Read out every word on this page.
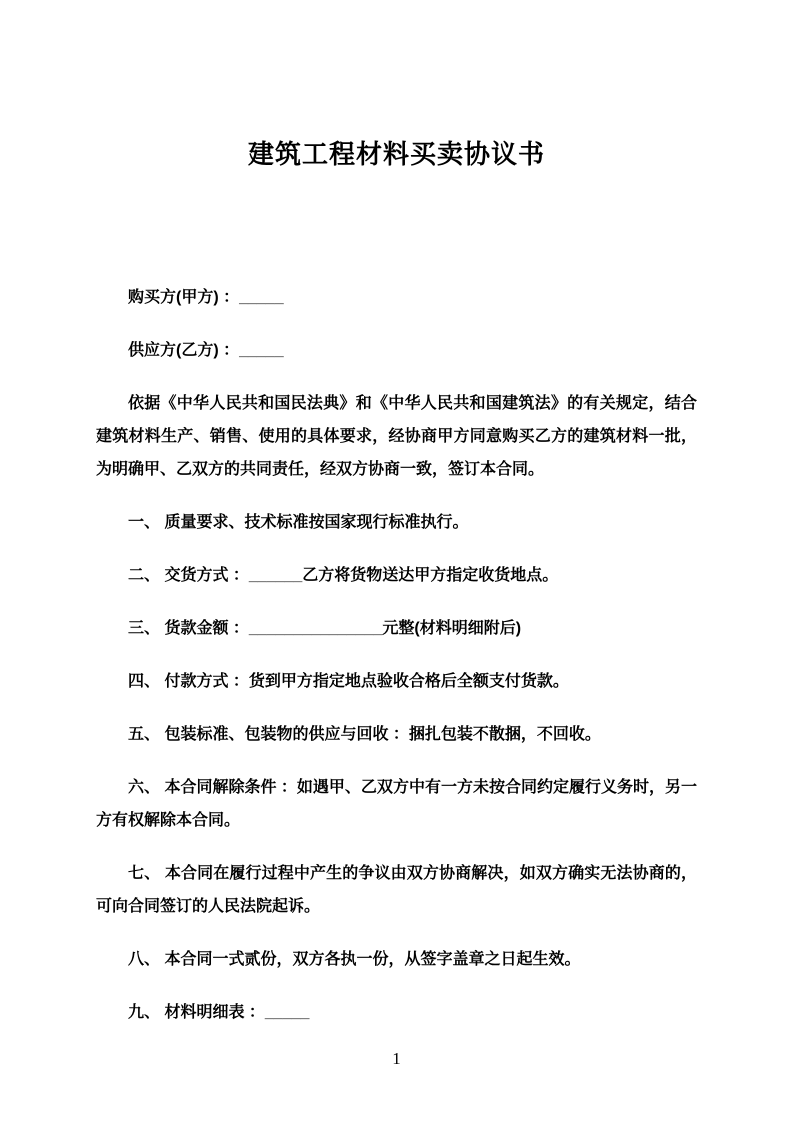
建筑工程材料买卖协议书

购买方(甲方) ：_____

供应方(乙方) ：_____

依据《中华人民共和国民法典》和《中华人民共和国建筑法》的有关规定，结合建筑材料生产、销售、使用的具体要求，经协商甲方同意购买乙方的建筑材料一批，为明确甲、乙双方的共同责任，经双方协商一致，签订本合同。

一、 质量要求、技术标准按国家现行标准执行。

二、 交货方式 ：______乙方将货物送达甲方指定收货地点。

三、 货款金额 ：_______________元整(材料明细附后)

四、 付款方式 ：货到甲方指定地点验收合格后全额支付货款。

五、 包装标准、包装物的供应与回收 ：捆扎包装不散捆，不回收。

六、 本合同解除条件 ：如遇甲、乙双方中有一方未按合同约定履行义务时，另一方有权解除本合同。

七、 本合同在履行过程中产生的争议由双方协商解决，如双方确实无法协商的，可向合同签订的人民法院起诉。

八、 本合同一式贰份，双方各执一份，从签字盖章之日起生效。

九、 材料明细表 ：_____

1
